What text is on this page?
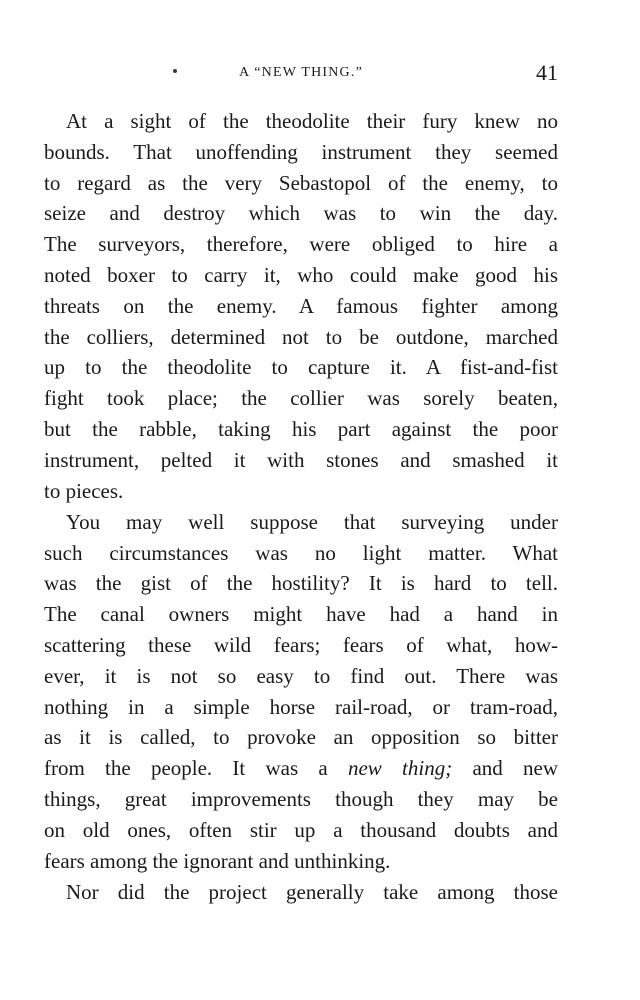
A “NEW THING.”	41
At a sight of the theodolite their fury knew no
bounds. That unoffending instrument they seemed
to regard as the very Sebastopol of the enemy, to
seize and destroy which was to win the day.
The surveyors, therefore, were obliged to hire a
noted boxer to carry it, who could make good his
threats on the enemy. A famous fighter among
the colliers, determined not to be outdone, marched
up to the theodolite to capture it. A fist-and-fist
fight took place; the collier was sorely beaten,
but the rabble, taking his part against the poor
instrument, pelted it with stones and smashed it
to pieces.
You may well suppose that surveying under
such circumstances was no light matter. What
was the gist of the hostility? It is hard to tell.
The canal owners might have had a hand in
scattering these wild fears; fears of what, how-
ever, it is not so easy to find out. There was
nothing in a simple horse rail-road, or tram-road,
as it is called, to provoke an opposition so bitter
from the people. It was a new thing; and new
things, great improvements though they may be
on old ones, often stir up a thousand doubts and
fears among the ignorant and unthinking.
Nor did the project generally take among those
